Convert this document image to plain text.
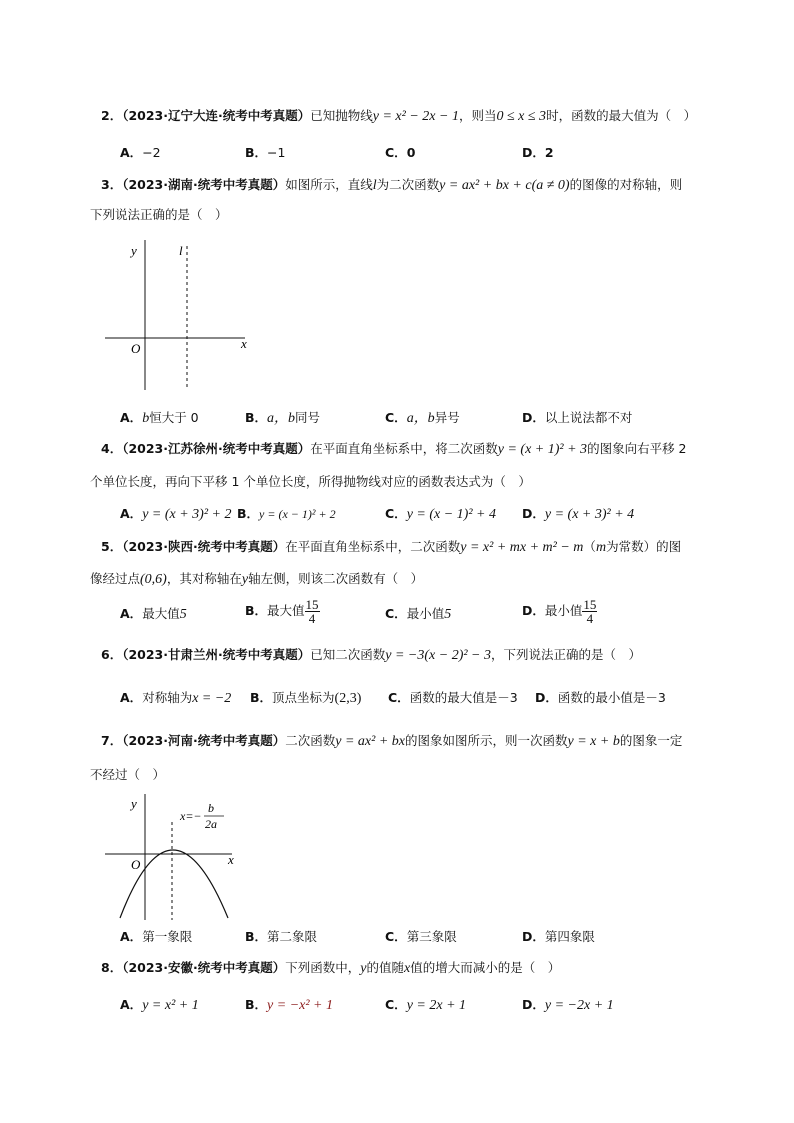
2．（2023·辽宁大连·统考中考真题）已知抛物线y = x² − 2x − 1，则当0 ≤ x ≤ 3时，函数的最大值为（　）
A．−2	B．−1	C．0	D．2
3．（2023·湖南·统考中考真题）如图所示，直线l为二次函数y = ax² + bx + c(a ≠ 0)的图像的对称轴，则
下列说法正确的是（　）
y	l
O	x
A．b恒大于 0	B．a，b同号	C．a，b异号	D．以上说法都不对
4．（2023·江苏徐州·统考中考真题）在平面直角坐标系中，将二次函数y = (x + 1)² + 3的图象向右平移 2
个单位长度，再向下平移 1 个单位长度，所得抛物线对应的函数表达式为（　）
A．y = (x + 3)² + 2 B．y = (x − 1)² + 2	C．y = (x − 1)² + 4 D．y = (x + 3)² + 4
5．（2023·陕西·统考中考真题）在平面直角坐标系中，二次函数y = x² + mx + m² − m（m为常数）的图
像经过点(0,6)，其对称轴在y轴左侧，则该二次函数有（　）
A．最大值5	B．最大值 $\frac{15}{4}$	C．最小值5	D．最小值 $\frac{15}{4}$
6．（2023·甘肃兰州·统考中考真题）已知二次函数y = −3(x − 2)² − 3，下列说法正确的是（　）
A．对称轴为x = −2 B．顶点坐标为(2,3) C．函数的最大值是－3 D．函数的最小值是－3
7．（2023·河南·统考中考真题）二次函数y = ax² + bx的图象如图所示，则一次函数y = x + b的图象一定
不经过（　）
y
O	x
x=−
b
2a
A．第一象限	B．第二象限	C．第三象限	D．第四象限
8．（2023·安徽·统考中考真题）下列函数中，y的值随x值的增大而减小的是（　）
A．y = x² + 1	B．y = −x² + 1	C．y = 2x + 1	D．y = −2x + 1
